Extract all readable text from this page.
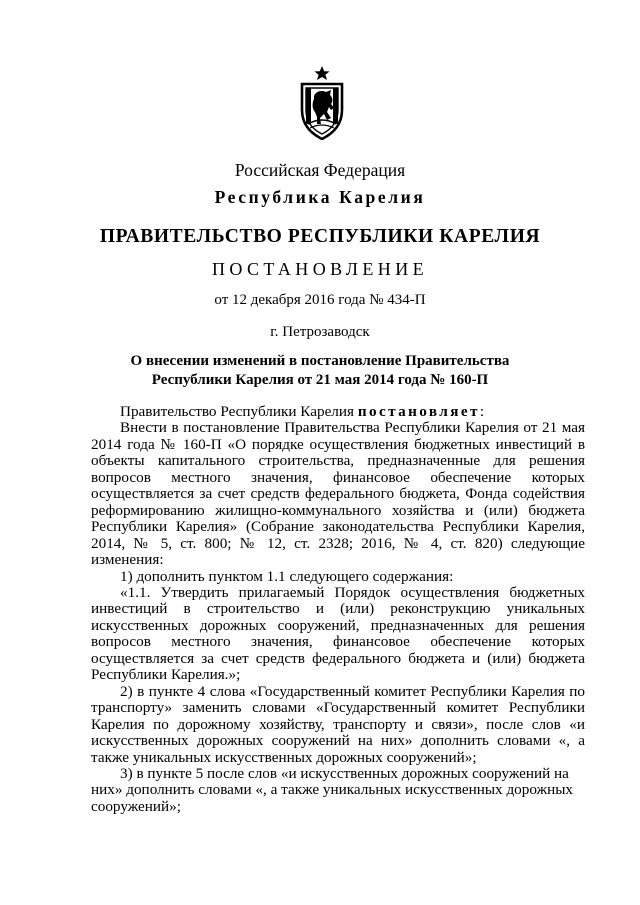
Российская Федерация
Республика Карелия
ПРАВИТЕЛЬСТВО РЕСПУБЛИКИ КАРЕЛИЯ
ПОСТАНОВЛЕНИЕ
от 12 декабря 2016 года № 434-П
г. Петрозаводск
О внесении изменений в постановление Правительства
Республики Карелия от 21 мая 2014 года № 160-П

Правительство Республики Карелия постановляет:

Внести в постановление Правительства Республики Карелия от 21 мая 2014 года № 160-П «О порядке осуществления бюджетных инвестиций в объекты капитального строительства, предназначенные для решения вопросов местного значения, финансовое обеспечение которых осуществляется за счет средств федерального бюджета, Фонда содействия реформированию жилищно-коммунального хозяйства и (или) бюджета Республики Карелия» (Собрание законодательства Республики Карелия, 2014, № 5, ст. 800; № 12, ст. 2328; 2016, № 4, ст. 820) следующие изменения:

1) дополнить пунктом 1.1 следующего содержания:

«1.1. Утвердить прилагаемый Порядок осуществления бюджетных инвестиций в строительство и (или) реконструкцию уникальных искусственных дорожных сооружений, предназначенных для решения вопросов местного значения, финансовое обеспечение которых осуществляется за счет средств федерального бюджета и (или) бюджета Республики Карелия.»;

2) в пункте 4 слова «Государственный комитет Республики Карелия по транспорту» заменить словами «Государственный комитет Республики Карелия по дорожному хозяйству, транспорту и связи», после слов «и искусственных дорожных сооружений на них» дополнить словами «, а также уникальных искусственных дорожных сооружений»;

3) в пункте 5 после слов «и искусственных дорожных сооружений на них» дополнить словами «, а также уникальных искусственных дорожных сооружений»;
